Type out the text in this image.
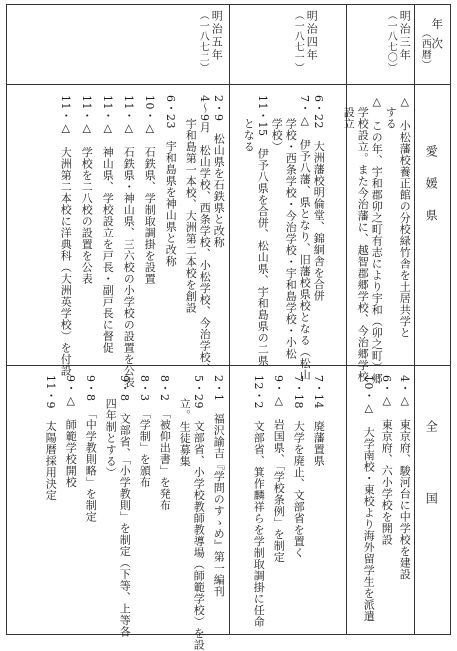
年次
（西暦）
愛媛県
全国
明治三年
（一八七〇）
明治四年
（一八七一）
明治五年
（一八七二）
△　小松藩校養正館の分校緑竹舎を土居共学と
　する
△　この年、宇和郡卯之町有志により宇和（卯之町）郷
　学校設立。また今治藩に、越智郡郷学校、今治郷学校
　設立
6・22　大洲藩校明倫堂、錦絅舎を合併
7・△　伊予八藩、県となり、旧藩校県校となる（松山
　　学校・西条学校・今治学校・宇和島学校・小松
　　学校）
11・15　伊予八県を合併、松山県、宇和島県の二県
　　となる
2・9　松山県を石鉄県と改称
4〜9月　松山学校、西条学校、小松学校、今治学校、
　　宇和島第一本校、大洲第二本校を創設
6・23　宇和島県を神山県と改称
10・△　石鉄県、学制取調掛を設置
11・△　石鉄県・神山県、三六校の小学校の設置を公表
11・△　神山県、学校設立を戸長・副戸長に督促
11・△　学校を二八校の設置を公表
11・△　大洲第二本校に洋典科（大洲英学校）を付設
4・△　東京府、駿河台に中学校を建設
6・△　東京府、六小学校を開設
10・△　大学南校・東校より海外留学生を派遣
7・14　廃藩置県
7・18　大学を廃止、文部省を置く
9・△　岩国県、「学校条例」を制定
12・2　文部省、箕作麟祥らを学制取調掛に任命
2・1　福沢諭吉『学問のすゝめ』第一編刊
5・29　文部省、小学校教師教導場（師範学校）を設
　　立。生徒募集
8・2　「被仰出書」を発布
8・3　「学制」を頒布
9・8　文部省、「小学教則」を制定（下等、上等各
　　四年制とする）
9・8　「中学教則略」を制定
9・△　師範学校開校
11・9　太陽暦採用決定
